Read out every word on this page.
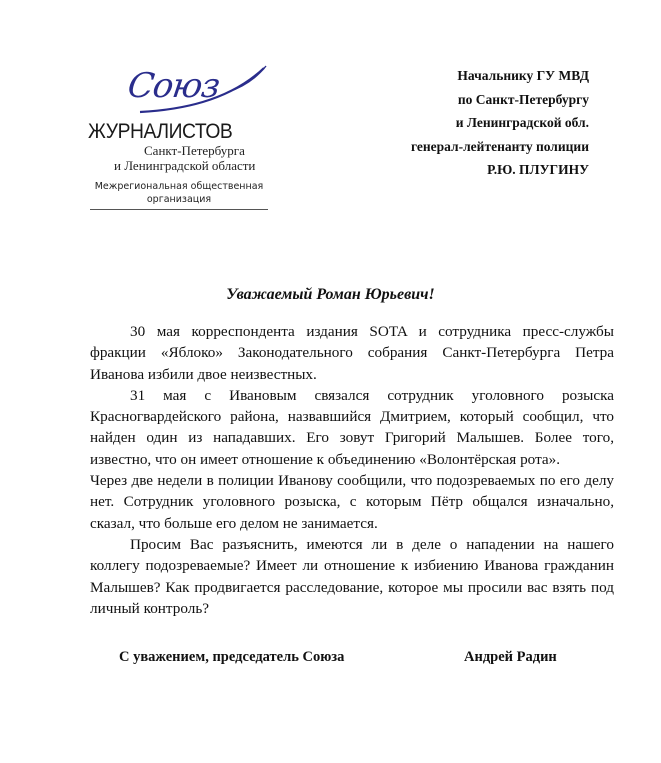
Союз
ЖУРНАЛИСТОВ
Санкт-Петербурга
и Ленинградской области
Межрегиональная общественная
организация
Начальнику ГУ МВД
по Санкт-Петербургу
и Ленинградской обл.
генерал-лейтенанту полиции
Р.Ю. ПЛУГИНУ
Уважаемый Роман Юрьевич!

30 мая корреспондента издания SOTA и сотрудника пресс-службы фракции «Яблоко» Законодательного собрания Санкт-Петербурга Петра Иванова избили двое неизвестных.

31 мая с Ивановым связался сотрудник уголовного розыска Красногвардейского района, назвавшийся Дмитрием, который сообщил, что найден один из нападавших. Его зовут Григорий Малышев. Более того, известно, что он имеет отношение к объединению «Волонтёрская рота».

Через две недели в полиции Иванову сообщили, что подозреваемых по его делу нет. Сотрудник уголовного розыска, с которым Пётр общался изначально, сказал, что больше его делом не занимается.

Просим Вас разъяснить, имеются ли в деле о нападении на нашего коллегу подозреваемые? Имеет ли отношение к избиению Иванова гражданин Малышев? Как продвигается расследование, которое мы просили вас взять под личный контроль?

С уважением, председатель Союза	Андрей Радин
